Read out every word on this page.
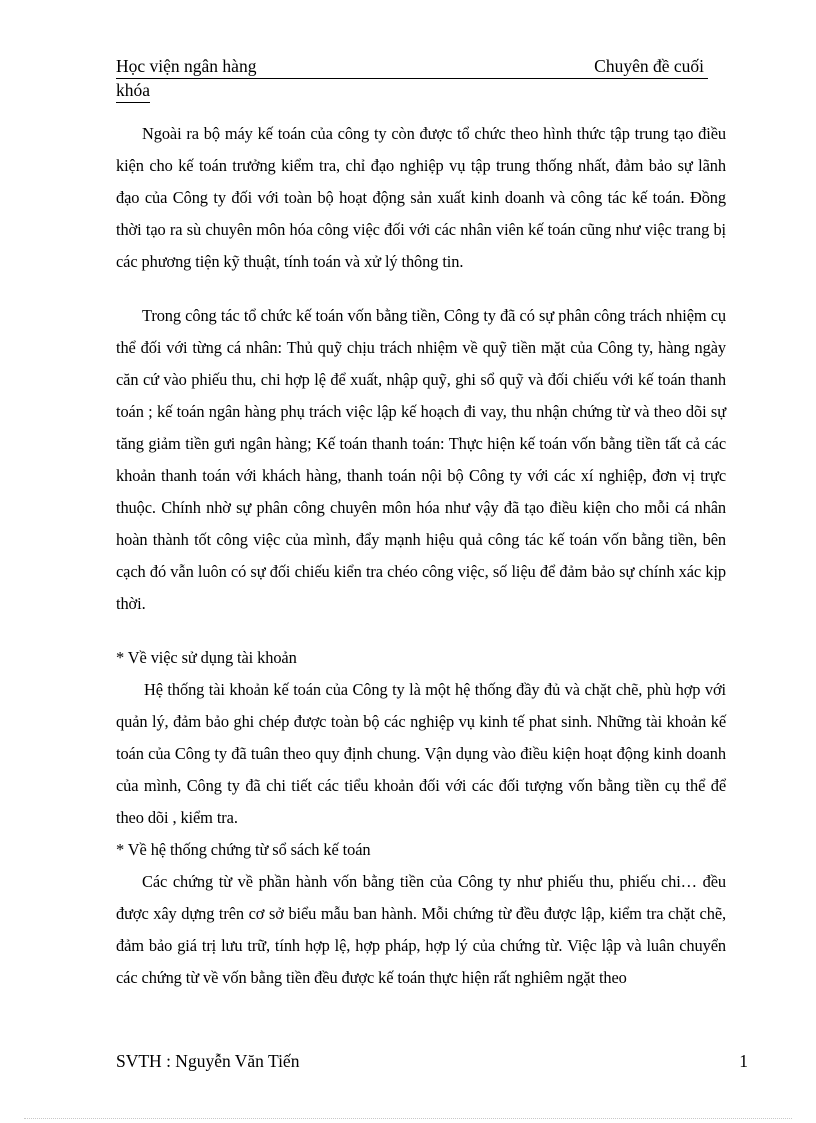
Học viện ngân hàng	Chuyên đề cuối
khóa

Ngoài ra bộ máy kế toán của công ty còn được tổ chức theo hình thức tập trung tạo điều kiện cho kế toán trưởng kiểm tra, chỉ đạo nghiệp vụ tập trung thống nhất, đảm bảo sự lãnh đạo của Công ty đối với toàn bộ hoạt động sản xuất kinh doanh và công tác kế toán. Đồng thời tạo ra sù chuyên môn hóa công việc đối với các nhân viên kế toán cũng như việc trang bị các phương tiện kỹ thuật, tính toán và xử lý thông tin.

Trong công tác tổ chức kế toán vốn bằng tiền, Công ty đã có sự phân công trách nhiệm cụ thể đối với từng cá nhân: Thủ quỹ chịu trách nhiệm về quỹ tiền mặt của Công ty, hàng ngày căn cứ vào phiếu thu, chi hợp lệ để xuất, nhập quỹ, ghi sổ quỹ và đối chiếu với kế toán thanh toán ; kế toán ngân hàng phụ trách việc lập kế hoạch đi vay, thu nhận chứng từ và theo dõi sự tăng giảm tiền gưi ngân hàng; Kế toán thanh toán: Thực hiện kế toán vốn bằng tiền tất cả các khoản thanh toán với khách hàng, thanh toán nội bộ Công ty với các xí nghiệp, đơn vị trực thuộc. Chính nhờ sự phân công chuyên môn hóa như vậy đã tạo điều kiện cho mỗi cá nhân hoàn thành tốt công việc của mình, đẩy mạnh hiệu quả công tác kế toán vốn bằng tiền, bên cạch đó vẫn luôn có sự đối chiếu kiển tra chéo công việc, số liệu để đảm bảo sự chính xác kịp thời.

* Về việc sử dụng tài khoản

Hệ thống tài khoản kế toán của Công ty là một hệ thống đầy đủ và chặt chẽ, phù hợp với quản lý, đảm bảo ghi chép được toàn bộ các nghiệp vụ kinh tế phat sinh. Những tài khoản kế toán của Công ty đã tuân theo quy định chung. Vận dụng vào điều kiện hoạt động kinh doanh của mình, Công ty đã chi tiết các tiểu khoản đối với các đối tượng vốn bằng tiền cụ thể để theo dõi , kiểm tra.

* Về hệ thống chứng từ sổ sách kế toán

Các chứng từ về phần hành vốn bằng tiền của Công ty như phiếu thu, phiếu chi… đều được xây dựng trên cơ sở biểu mẫu ban hành. Mỗi chứng từ đều được lập, kiểm tra chặt chẽ, đảm bảo giá trị lưu trữ, tính hợp lệ, hợp pháp, hợp lý của chứng từ. Việc lập và luân chuyển các chứng từ về vốn bằng tiền đều được kế toán thực hiện rất nghiêm ngặt theo

SVTH : Nguyễn Văn Tiến	1
